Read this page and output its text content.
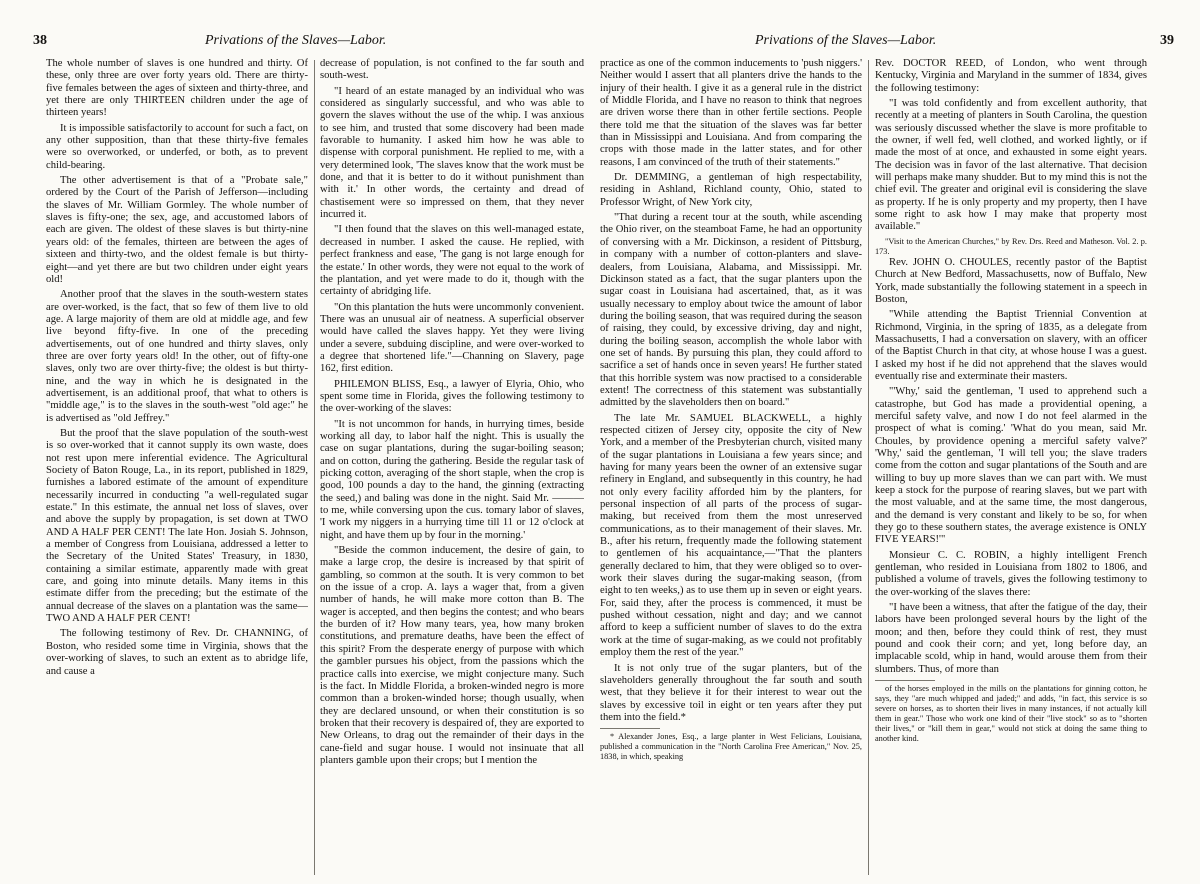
38	Privations of the Slaves—Labor.	Privations of the Slaves—Labor.	39

The whole number of slaves is one hundred and thirty. Of these, only three are over forty years old. There are thirty-five females between the ages of sixteen and thirty-three, and yet there are only THIRTEEN children under the age of thirteen years!

It is impossible satisfactorily to account for such a fact, on any other supposition, than that these thirty-five females were so overworked, or underfed, or both, as to prevent child-bearing.

The other advertisement is that of a "Probate sale," ordered by the Court of the Parish of Jefferson—including the slaves of Mr. William Gormley. The whole number of slaves is fifty-one; the sex, age, and accustomed labors of each are given. The oldest of these slaves is but thirty-nine years old: of the females, thirteen are between the ages of sixteen and thirty-two, and the oldest female is but thirty-eight—and yet there are but two children under eight years old!

Another proof that the slaves in the south-western states are over-worked, is the fact, that so few of them live to old age. A large majority of them are old at middle age, and few live beyond fifty-five. In one of the preceding advertisements, out of one hundred and thirty slaves, only three are over forty years old! In the other, out of fifty-one slaves, only two are over thirty-five; the oldest is but thirty-nine, and the way in which he is designated in the advertisement, is an additional proof, that what to others is "middle age," is to the slaves in the south-west "old age:" he is advertised as "old Jeffrey."

But the proof that the slave population of the south-west is so over-worked that it cannot supply its own waste, does not rest upon mere inferential evidence. The Agricultural Society of Baton Rouge, La., in its report, published in 1829, furnishes a labored estimate of the amount of expenditure necessarily incurred in conducting "a well-regulated sugar estate." In this estimate, the annual net loss of slaves, over and above the supply by propagation, is set down at TWO AND A HALF PER CENT! The late Hon. Josiah S. Johnson, a member of Congress from Louisiana, addressed a letter to the Secretary of the United States' Treasury, in 1830, containing a similar estimate, apparently made with great care, and going into minute details. Many items in this estimate differ from the preceding; but the estimate of the annual decrease of the slaves on a plantation was the same—TWO AND A HALF PER CENT!

The following testimony of Rev. Dr. CHANNING, of Boston, who resided some time in Virginia, shows that the over-working of slaves, to such an extent as to abridge life, and cause a

decrease of population, is not confined to the far south and south-west.

"I heard of an estate managed by an individual who was considered as singularly successful, and who was able to govern the slaves without the use of the whip. I was anxious to see him, and trusted that some discovery had been made favorable to humanity. I asked him how he was able to dispense with corporal punishment. He replied to me, with a very determined look, 'The slaves know that the work must be done, and that it is better to do it without punishment than with it.' In other words, the certainty and dread of chastisement were so impressed on them, that they never incurred it.

"I then found that the slaves on this well-managed estate, decreased in number. I asked the cause. He replied, with perfect frankness and ease, 'The gang is not large enough for the estate.' In other words, they were not equal to the work of the plantation, and yet were made to do it, though with the certainty of abridging life.

"On this plantation the huts were uncommonly convenient. There was an unusual air of neatness. A superficial observer would have called the slaves happy. Yet they were living under a severe, subduing discipline, and were over-worked to a degree that shortened life."—Channing on Slavery, page 162, first edition.

PHILEMON BLISS, Esq., a lawyer of Elyria, Ohio, who spent some time in Florida, gives the following testimony to the over-working of the slaves:

"It is not uncommon for hands, in hurrying times, beside working all day, to labor half the night. This is usually the case on sugar plantations, during the sugar-boiling season; and on cotton, during the gathering. Beside the regular task of picking cotton, averaging of the short staple, when the crop is good, 100 pounds a day to the hand, the ginning (extracting the seed,) and baling was done in the night. Said Mr. ——— to me, while conversing upon the cus. tomary labor of slaves, 'I work my niggers in a hurrying time till 11 or 12 o'clock at night, and have them up by four in the morning.'

"Beside the common inducement, the desire of gain, to make a large crop, the desire is increased by that spirit of gambling, so common at the south. It is very common to bet on the issue of a crop. A. lays a wager that, from a given number of hands, he will make more cotton than B. The wager is accepted, and then begins the contest; and who bears the burden of it? How many tears, yea, how many broken constitutions, and premature deaths, have been the effect of this spirit? From the desperate energy of purpose with which the gambler pursues his object, from the passions which the practice calls into exercise, we might conjecture many. Such is the fact. In Middle Florida, a broken-winded negro is more common than a broken-winded horse; though usually, when they are declared unsound, or when their constitution is so broken that their recovery is despaired of, they are exported to New Orleans, to drag out the remainder of their days in the cane-field and sugar house. I would not insinuate that all planters gamble upon their crops; but I mention the

practice as one of the common inducements to 'push niggers.' Neither would I assert that all planters drive the hands to the injury of their health. I give it as a general rule in the district of Middle Florida, and I have no reason to think that negroes are driven worse there than in other fertile sections. People there told me that the situation of the slaves was far better than in Mississippi and Louisiana. And from comparing the crops with those made in the latter states, and for other reasons, I am convinced of the truth of their statements."

Dr. DEMMING, a gentleman of high respectability, residing in Ashland, Richland county, Ohio, stated to Professor Wright, of New York city,

"That during a recent tour at the south, while ascending the Ohio river, on the steamboat Fame, he had an opportunity of conversing with a Mr. Dickinson, a resident of Pittsburg, in company with a number of cotton-planters and slave-dealers, from Louisiana, Alabama, and Mississippi. Mr. Dickinson stated as a fact, that the sugar planters upon the sugar coast in Louisiana had ascertained, that, as it was usually necessary to employ about twice the amount of labor during the boiling season, that was required during the season of raising, they could, by excessive driving, day and night, during the boiling season, accomplish the whole labor with one set of hands. By pursuing this plan, they could afford to sacrifice a set of hands once in seven years! He further stated that this horrible system was now practised to a considerable extent! The correctness of this statement was substantially admitted by the slaveholders then on board."

The late Mr. SAMUEL BLACKWELL, a highly respected citizen of Jersey city, opposite the city of New York, and a member of the Presbyterian church, visited many of the sugar plantations in Louisiana a few years since; and having for many years been the owner of an extensive sugar refinery in England, and subsequently in this country, he had not only every facility afforded him by the planters, for personal inspection of all parts of the process of sugar-making, but received from them the most unreserved communications, as to their management of their slaves. Mr. B., after his return, frequently made the following statement to gentlemen of his acquaintance,—"That the planters generally declared to him, that they were obliged so to over-work their slaves during the sugar-making season, (from eight to ten weeks,) as to use them up in seven or eight years. For, said they, after the process is commenced, it must be pushed without cessation, night and day; and we cannot afford to keep a sufficient number of slaves to do the extra work at the time of sugar-making, as we could not profitably employ them the rest of the year."

It is not only true of the sugar planters, but of the slaveholders generally throughout the far south and south west, that they believe it for their interest to wear out the slaves by excessive toil in eight or ten years after they put them into the field.*

* Alexander Jones, Esq., a large planter in West Felicians, Louisiana, published a communication in the "North Carolina Free American," Nov. 25, 1838, in which, speaking

Rev. DOCTOR REED, of London, who went through Kentucky, Virginia and Maryland in the summer of 1834, gives the following testimony:

"I was told confidently and from excellent authority, that recently at a meeting of planters in South Carolina, the question was seriously discussed whether the slave is more profitable to the owner, if well fed, well clothed, and worked lightly, or if made the most of at once, and exhausted in some eight years. The decision was in favor of the last alternative. That decision will perhaps make many shudder. But to my mind this is not the chief evil. The greater and original evil is considering the slave as property. If he is only property and my property, then I have some right to ask how I may make that property most available."

"Visit to the American Churches," by Rev. Drs. Reed and Matheson. Vol. 2. p. 173.

Rev. JOHN O. CHOULES, recently pastor of the Baptist Church at New Bedford, Massachusetts, now of Buffalo, New York, made substantially the following statement in a speech in Boston,

"While attending the Baptist Triennial Convention at Richmond, Virginia, in the spring of 1835, as a delegate from Massachusetts, I had a conversation on slavery, with an officer of the Baptist Church in that city, at whose house I was a guest. I asked my host if he did not apprehend that the slaves would eventually rise and exterminate their masters.

"'Why,' said the gentleman, 'I used to apprehend such a catastrophe, but God has made a providential opening, a merciful safety valve, and now I do not feel alarmed in the prospect of what is coming.' 'What do you mean, said Mr. Choules, by providence opening a merciful safety valve?' 'Why,' said the gentleman, 'I will tell you; the slave traders come from the cotton and sugar plantations of the South and are willing to buy up more slaves than we can part with. We must keep a stock for the purpose of rearing slaves, but we part with the most valuable, and at the same time, the most dangerous, and the demand is very constant and likely to be so, for when they go to these southern states, the average existence is ONLY FIVE YEARS!'"

Monsieur C. C. ROBIN, a highly intelligent French gentleman, who resided in Louisiana from 1802 to 1806, and published a volume of travels, gives the following testimony to the over-working of the slaves there:

"I have been a witness, that after the fatigue of the day, their labors have been prolonged several hours by the light of the moon; and then, before they could think of rest, they must pound and cook their corn; and yet, long before day, an implacable scold, whip in hand, would arouse them from their slumbers. Thus, of more than

of the horses employed in the mills on the plantations for ginning cotton, he says, they "are much whipped and jaded;" and adds, "in fact, this service is so severe on horses, as to shorten their lives in many instances, if not actually kill them in gear." Those who work one kind of their "live stock" so as to "shorten their lives," or "kill them in gear," would not stick at doing the same thing to another kind.
